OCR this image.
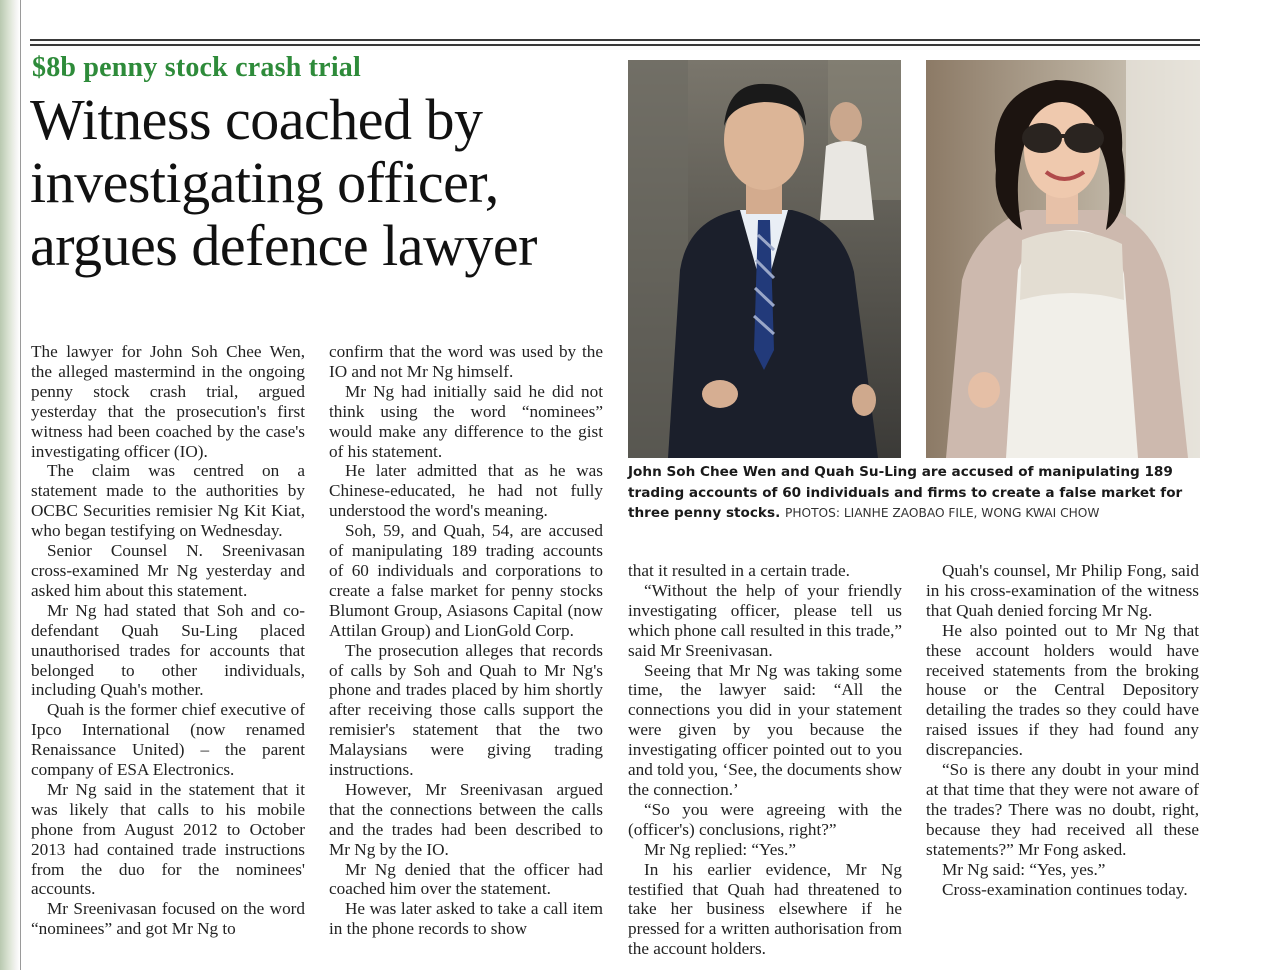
$8b penny stock crash trial
Witness coached by
investigating officer,
argues defence lawyer

The lawyer for John Soh Chee Wen, the alleged mastermind in the ongoing penny stock crash trial, argued yesterday that the prosecution's first witness had been coached by the case's investigating officer (IO).

The claim was centred on a statement made to the authorities by OCBC Securities remisier Ng Kit Kiat, who began testifying on Wednesday.

Senior Counsel N. Sreenivasan cross-examined Mr Ng yesterday and asked him about this statement.

Mr Ng had stated that Soh and co-defendant Quah Su-Ling placed unauthorised trades for accounts that belonged to other individuals, including Quah's mother.

Quah is the former chief executive of Ipco International (now renamed Renaissance United) – the parent company of ESA Electronics.

Mr Ng said in the statement that it was likely that calls to his mobile phone from August 2012 to October 2013 had contained trade instructions from the duo for the nominees' accounts.

Mr Sreenivasan focused on the word “nominees” and got Mr Ng to

confirm that the word was used by the IO and not Mr Ng himself.

Mr Ng had initially said he did not think using the word “nominees” would make any difference to the gist of his statement.

He later admitted that as he was Chinese-educated, he had not fully understood the word's meaning.

Soh, 59, and Quah, 54, are accused of manipulating 189 trading accounts of 60 individuals and corporations to create a false market for penny stocks Blumont Group, Asiasons Capital (now Attilan Group) and LionGold Corp.

The prosecution alleges that records of calls by Soh and Quah to Mr Ng's phone and trades placed by him shortly after receiving those calls support the remisier's statement that the two Malaysians were giving trading instructions.

However, Mr Sreenivasan argued that the connections between the calls and the trades had been described to Mr Ng by the IO.

Mr Ng denied that the officer had coached him over the statement.

He was later asked to take a call item in the phone records to show

John Soh Chee Wen and Quah Su-Ling are accused of manipulating 189 trading accounts of 60 individuals and firms to create a false market for three penny stocks. PHOTOS: LIANHE ZAOBAO FILE, WONG KWAI CHOW

that it resulted in a certain trade.

“Without the help of your friendly investigating officer, please tell us which phone call resulted in this trade,” said Mr Sreenivasan.

Seeing that Mr Ng was taking some time, the lawyer said: “All the connections you did in your statement were given by you because the investigating officer pointed out to you and told you, ‘See, the documents show the connection.’

“So you were agreeing with the (officer's) conclusions, right?”

Mr Ng replied: “Yes.”

In his earlier evidence, Mr Ng testified that Quah had threatened to take her business elsewhere if he pressed for a written authorisation from the account holders.

Quah's counsel, Mr Philip Fong, said in his cross-examination of the witness that Quah denied forcing Mr Ng.

He also pointed out to Mr Ng that these account holders would have received statements from the broking house or the Central Depository detailing the trades so they could have raised issues if they had found any discrepancies.

“So is there any doubt in your mind at that time that they were not aware of the trades? There was no doubt, right, because they had received all these statements?” Mr Fong asked.

Mr Ng said: “Yes, yes.”

Cross-examination continues today.
